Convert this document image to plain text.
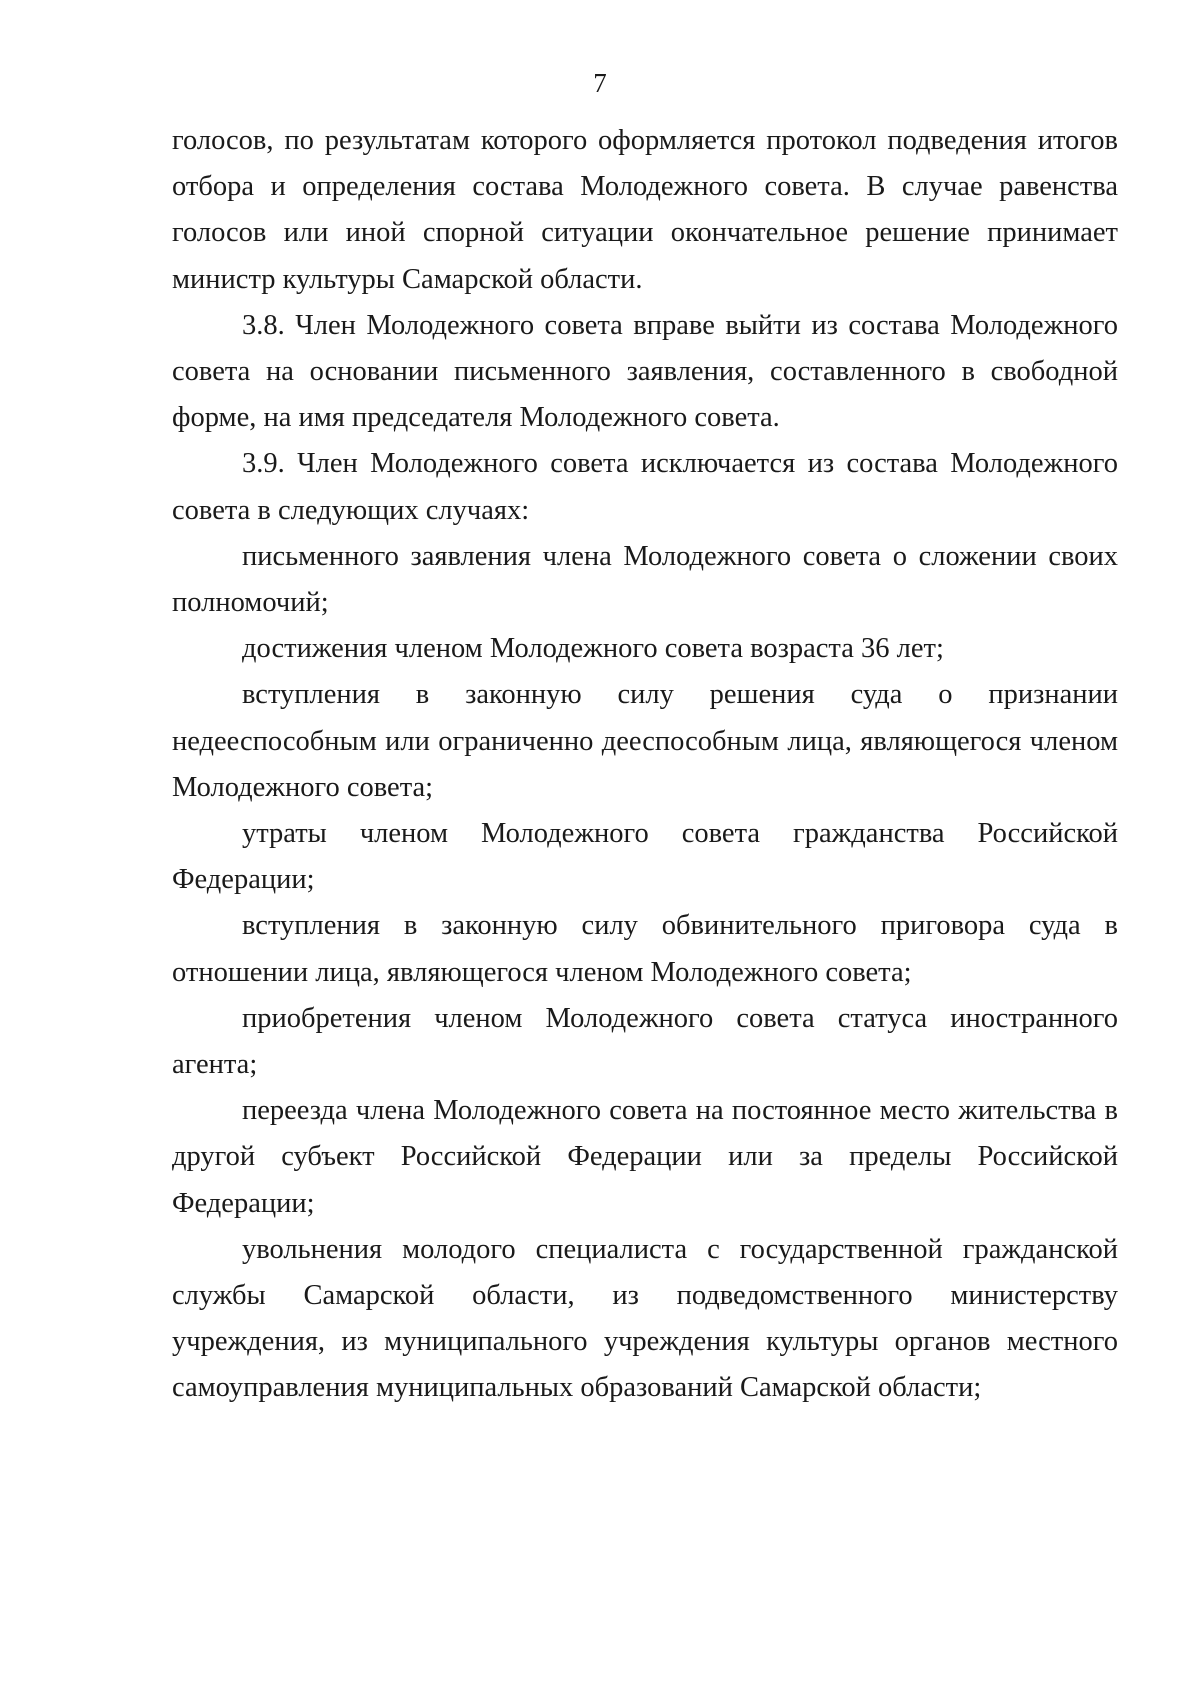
7

голосов, по результатам которого оформляется протокол подведения итогов отбора и определения состава Молодежного совета. В случае равенства голосов или иной спорной ситуации окончательное решение принимает министр культуры Самарской области.

3.8. Член Молодежного совета вправе выйти из состава Молодежного совета на основании письменного заявления, составленного в свободной форме, на имя председателя Молодежного совета.

3.9. Член Молодежного совета исключается из состава Молодежного совета в следующих случаях:

письменного заявления члена Молодежного совета о сложении своих полномочий;

достижения членом Молодежного совета возраста 36 лет;

вступления в законную силу решения суда о признании недееспособным или ограниченно дееспособным лица, являющегося членом Молодежного совета;

утраты членом Молодежного совета гражданства Российской Федерации;

вступления в законную силу обвинительного приговора суда в отношении лица, являющегося членом Молодежного совета;

приобретения членом Молодежного совета статуса иностранного агента;

переезда члена Молодежного совета на постоянное место жительства в другой субъект Российской Федерации или за пределы Российской Федерации;

увольнения молодого специалиста с государственной гражданской службы Самарской области, из подведомственного министерству учреждения, из муниципального учреждения культуры органов местного самоуправления муниципальных образований Самарской области;
